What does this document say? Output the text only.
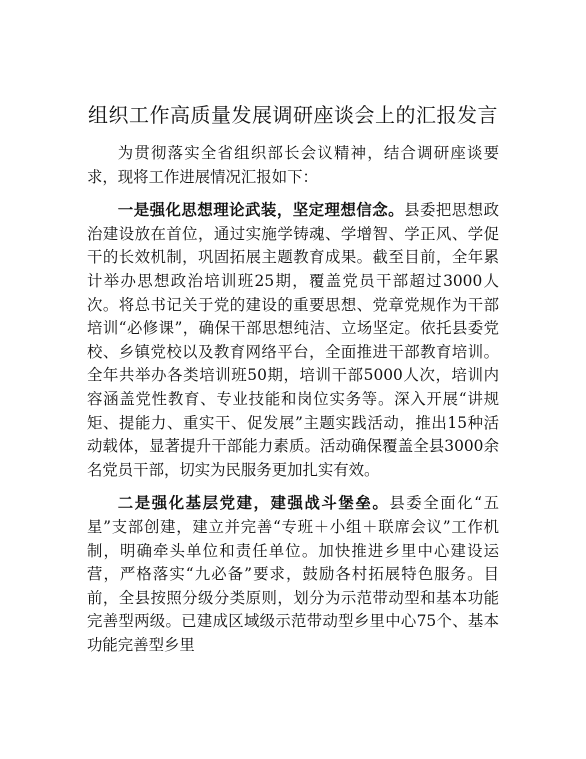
组织工作高质量发展调研座谈会上的汇报发言

为贯彻落实全省组织部长会议精神，结合调研座谈要求，现将工作进展情况汇报如下：

一是强化思想理论武装，坚定理想信念。县委把思想政治建设放在首位，通过实施学铸魂、学增智、学正风、学促干的长效机制，巩固拓展主题教育成果。截至目前，全年累计举办思想政治培训班25期，覆盖党员干部超过3000人次。将总书记关于党的建设的重要思想、党章党规作为干部培训“必修课”，确保干部思想纯洁、立场坚定。依托县委党校、乡镇党校以及教育网络平台，全面推进干部教育培训。全年共举办各类培训班50期，培训干部5000人次，培训内容涵盖党性教育、专业技能和岗位实务等。深入开展“讲规矩、提能力、重实干、促发展”主题实践活动，推出15种活动载体，显著提升干部能力素质。活动确保覆盖全县3000余名党员干部，切实为民服务更加扎实有效。

二是强化基层党建，建强战斗堡垒。县委全面化“五星”支部创建，建立并完善“专班＋小组＋联席会议”工作机制，明确牵头单位和责任单位。加快推进乡里中心建设运营，严格落实“九必备”要求，鼓励各村拓展特色服务。目前，全县按照分级分类原则，划分为示范带动型和基本功能完善型两级。已建成区域级示范带动型乡里中心75个、基本功能完善型乡里
